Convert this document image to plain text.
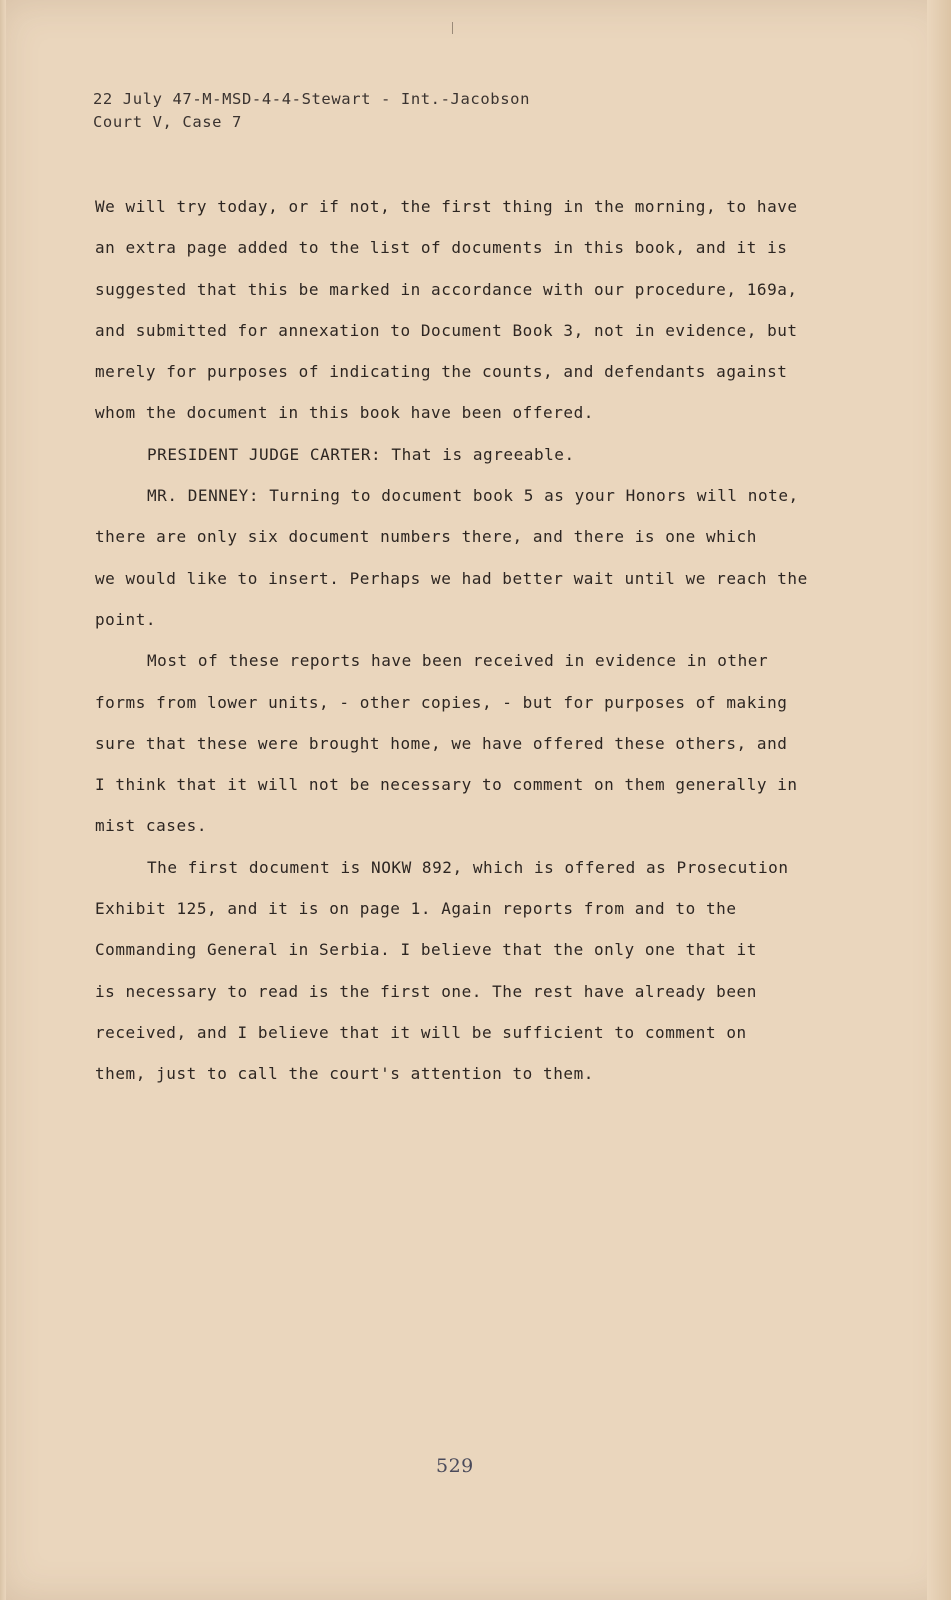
22 July 47-M-MSD-4-4-Stewart - Int.-Jacobson
Court V, Case 7
We will try today, or if not, the first thing in the morning, to have
an extra page added to the list of documents in this book, and it is
suggested that this be marked in accordance with our procedure, 169a,
and submitted for annexation to Document Book 3, not in evidence, but
merely for purposes of indicating the counts, and defendants against
whom the document in this book have been offered.
PRESIDENT JUDGE CARTER: That is agreeable.
MR. DENNEY: Turning to document book 5 as your Honors will note,
there are only six document numbers there, and there is one which
we would like to insert. Perhaps we had better wait until we reach the
point.
Most of these reports have been received in evidence in other
forms from lower units, - other copies, - but for purposes of making
sure that these were brought home, we have offered these others, and
I think that it will not be necessary to comment on them generally in
mist cases.
The first document is NOKW 892, which is offered as Prosecution
Exhibit 125, and it is on page 1. Again reports from and to the
Commanding General in Serbia. I believe that the only one that it
is necessary to read is the first one. The rest have already been
received, and I believe that it will be sufficient to comment on
them, just to call the court's attention to them.
529
